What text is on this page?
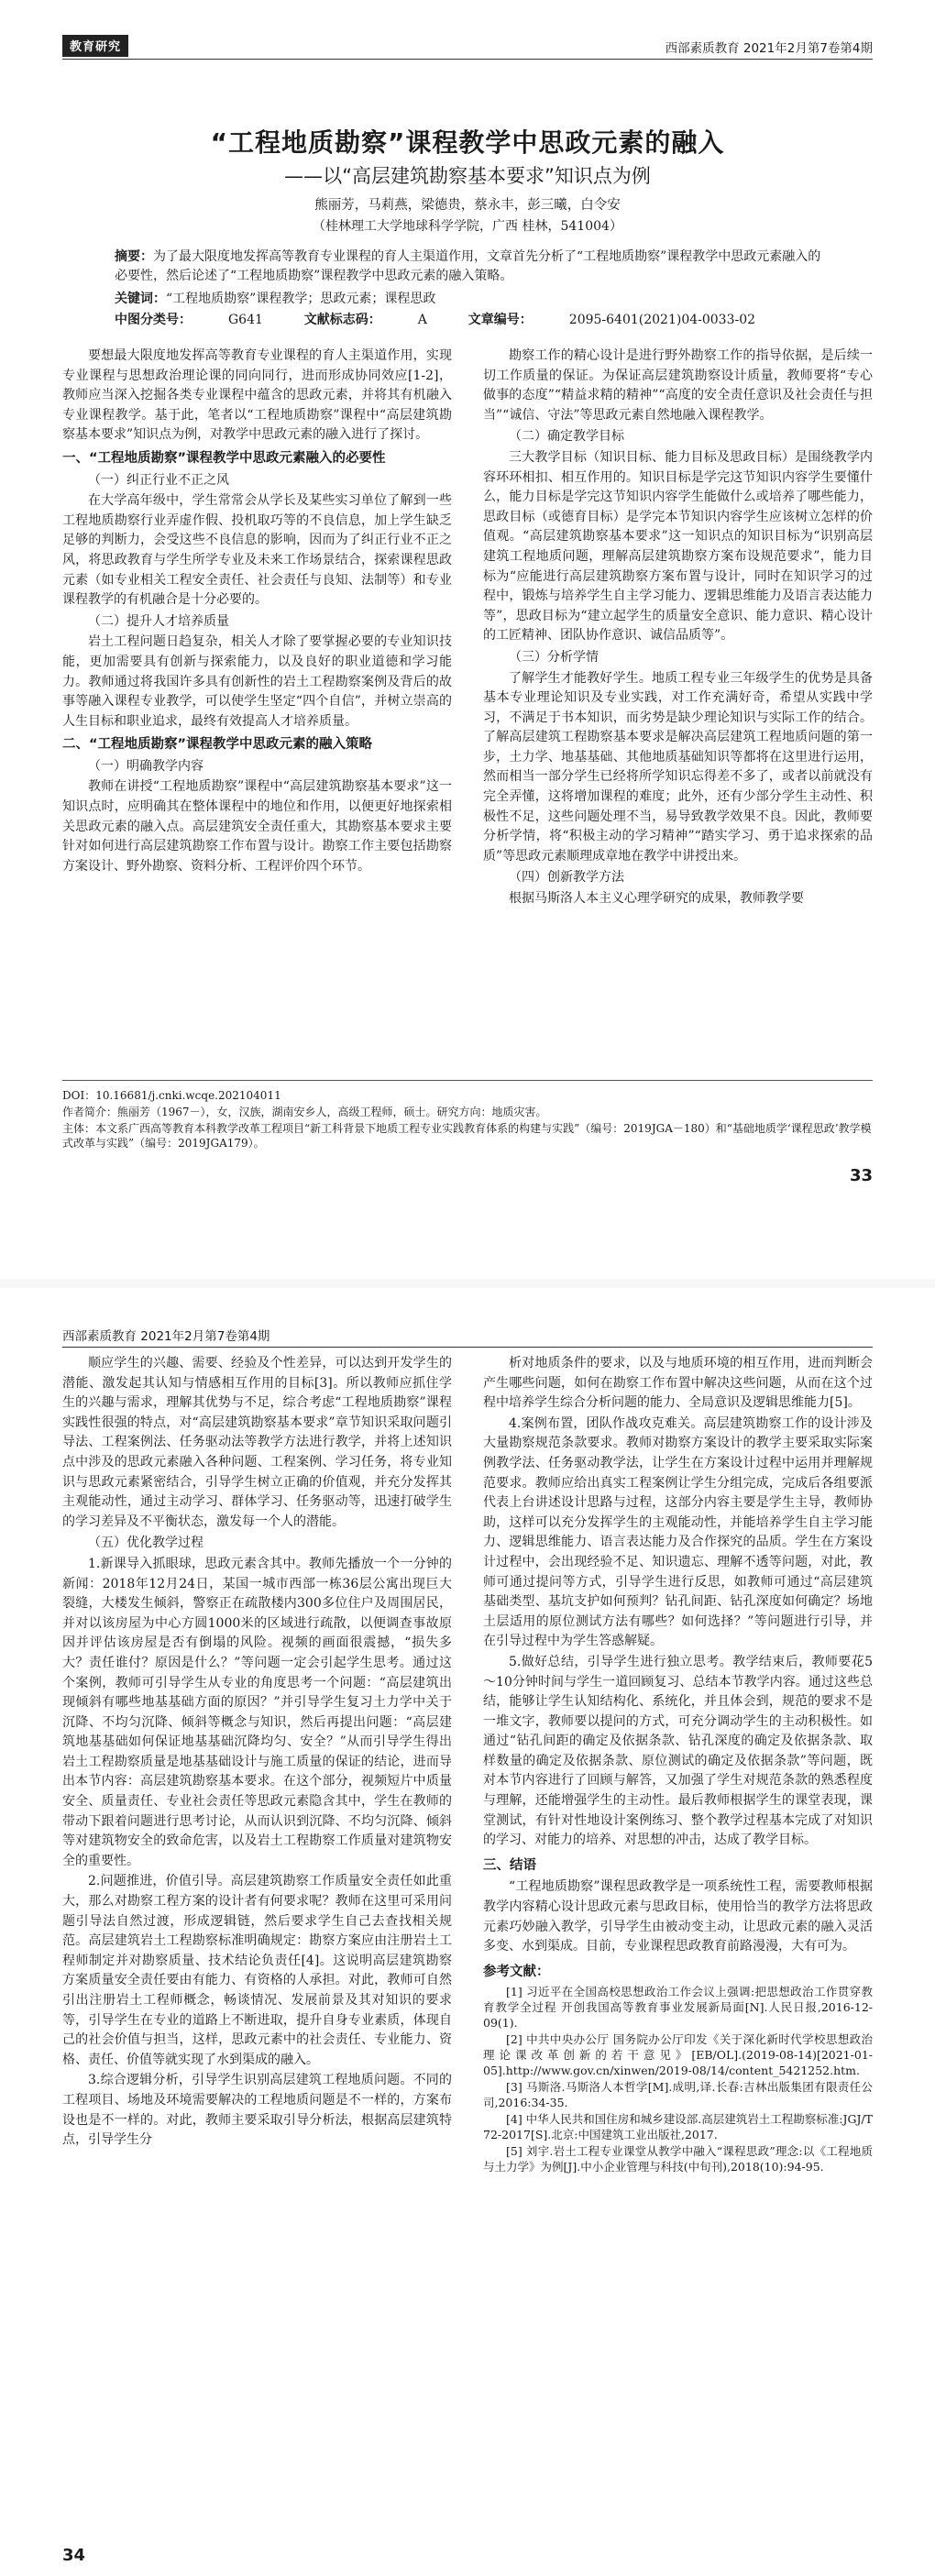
教育研究	西部素质教育 2021年2月第7卷第4期
“工程地质勘察”课程教学中思政元素的融入
——以“高层建筑勘察基本要求”知识点为例
熊丽芳，马莉燕，梁德贵，蔡永丰，彭三曦，白令安
（桂林理工大学地球科学学院，广西 桂林，541004）
摘要：为了最大限度地发挥高等教育专业课程的育人主渠道作用，文章首先分析了“工程地质勘察”课程教学中思政元素融入的必要性，然后论述了“工程地质勘察”课程教学中思政元素的融入策略。
关键词：“工程地质勘察”课程教学；思政元素；课程思政
中图分类号：	G641	文献标志码：	A	文章编号：	2095-6401(2021)04-0033-02

要想最大限度地发挥高等教育专业课程的育人主渠道作用，实现专业课程与思想政治理论课的同向同行，进而形成协同效应[1-2]，教师应当深入挖掘各类专业课程中蕴含的思政元素，并将其有机融入专业课程教学。基于此，笔者以“工程地质勘察”课程中“高层建筑勘察基本要求”知识点为例，对教学中思政元素的融入进行了探讨。

一、“工程地质勘察”课程教学中思政元素融入的必要性
（一）纠正行业不正之风

在大学高年级中，学生常常会从学长及某些实习单位了解到一些工程地质勘察行业弄虚作假、投机取巧等的不良信息，加上学生缺乏足够的判断力，会受这些不良信息的影响，因而为了纠正行业不正之风，将思政教育与学生所学专业及未来工作场景结合，探索课程思政元素（如专业相关工程安全责任、社会责任与良知、法制等）和专业课程教学的有机融合是十分必要的。

（二）提升人才培养质量

岩土工程问题日趋复杂，相关人才除了要掌握必要的专业知识技能，更加需要具有创新与探索能力，以及良好的职业道德和学习能力。教师通过将我国许多具有创新性的岩土工程勘察案例及背后的故事等融入课程专业教学，可以使学生坚定“四个自信”，并树立崇高的人生目标和职业追求，最终有效提高人才培养质量。

二、“工程地质勘察”课程教学中思政元素的融入策略
（一）明确教学内容

教师在讲授“工程地质勘察”课程中“高层建筑勘察基本要求”这一知识点时，应明确其在整体课程中的地位和作用，以便更好地探索相关思政元素的融入点。高层建筑安全责任重大，其勘察基本要求主要针对如何进行高层建筑勘察工作布置与设计。勘察工作主要包括勘察方案设计、野外勘察、资料分析、工程评价四个环节。

勘察工作的精心设计是进行野外勘察工作的指导依据，是后续一切工作质量的保证。为保证高层建筑勘察设计质量，教师要将“专心做事的态度”“精益求精的精神”“高度的安全责任意识及社会责任与担当”“诚信、守法”等思政元素自然地融入课程教学。

（二）确定教学目标

三大教学目标（知识目标、能力目标及思政目标）是围绕教学内容环环相扣、相互作用的。知识目标是学完这节知识内容学生要懂什么，能力目标是学完这节知识内容学生能做什么或培养了哪些能力，思政目标（或德育目标）是学完本节知识内容学生应该树立怎样的价值观。“高层建筑勘察基本要求”这一知识点的知识目标为“识别高层建筑工程地质问题，理解高层建筑勘察方案布设规范要求”，能力目标为“应能进行高层建筑勘察方案布置与设计，同时在知识学习的过程中，锻炼与培养学生自主学习能力、逻辑思维能力及语言表达能力等”，思政目标为“建立起学生的质量安全意识、能力意识、精心设计的工匠精神、团队协作意识、诚信品质等”。

（三）分析学情

了解学生才能教好学生。地质工程专业三年级学生的优势是具备基本专业理论知识及专业实践，对工作充满好奇，希望从实践中学习，不满足于书本知识，而劣势是缺少理论知识与实际工作的结合。了解高层建筑工程勘察基本要求是解决高层建筑工程地质问题的第一步，土力学、地基基础、其他地质基础知识等都将在这里进行运用，然而相当一部分学生已经将所学知识忘得差不多了，或者以前就没有完全弄懂，这将增加课程的难度；此外，还有少部分学生主动性、积极性不足，这些问题处理不当，易导致教学效果不良。因此，教师要分析学情，将“积极主动的学习精神”“踏实学习、勇于追求探索的品质”等思政元素顺理成章地在教学中讲授出来。

（四）创新教学方法

根据马斯洛人本主义心理学研究的成果，教师教学要

DOI：10.16681/j.cnki.wcqe.202104011
作者简介：熊丽芳（1967－），女，汉族，湖南安乡人，高级工程师，硕士。研究方向：地质灾害。
主体：本文系广西高等教育本科教学改革工程项目“新工科背景下地质工程专业实践教育体系的构建与实践”（编号：2019JGA－180）和“基础地质学‘课程思政’教学模式改革与实践”（编号：2019JGA179）。
33
西部素质教育 2021年2月第7卷第4期

顺应学生的兴趣、需要、经验及个性差异，可以达到开发学生的潜能、激发起其认知与情感相互作用的目标[3]。所以教师应抓住学生的兴趣与需求，理解其优势与不足，综合考虑“工程地质勘察”课程实践性很强的特点，对“高层建筑勘察基本要求”章节知识采取问题引导法、工程案例法、任务驱动法等教学方法进行教学，并将上述知识点中涉及的思政元素融入各种问题、工程案例、学习任务，将专业知识与思政元素紧密结合，引导学生树立正确的价值观，并充分发挥其主观能动性，通过主动学习、群体学习、任务驱动等，迅速打破学生的学习差异及不平衡状态，激发每一个人的潜能。

（五）优化教学过程

1.新课导入抓眼球，思政元素含其中。教师先播放一个一分钟的新闻：2018年12月24日，某国一城市西部一栋36层公寓出现巨大裂缝，大楼发生倾斜，警察正在疏散楼内300多位住户及周围居民，并对以该房屋为中心方圆1000米的区域进行疏散，以便调查事故原因并评估该房屋是否有倒塌的风险。视频的画面很震撼，“损失多大？责任谁付？原因是什么？”等问题一定会引起学生思考。通过这个案例，教师可引导学生从专业的角度思考一个问题：“高层建筑出现倾斜有哪些地基基础方面的原因？”并引导学生复习土力学中关于沉降、不均匀沉降、倾斜等概念与知识，然后再提出问题：“高层建筑地基基础如何保证地基基础沉降均匀、安全？”从而引导学生得出岩土工程勘察质量是地基基础设计与施工质量的保证的结论，进而导出本节内容：高层建筑勘察基本要求。在这个部分，视频短片中质量安全、质量责任、专业社会责任等思政元素隐含其中，学生在教师的带动下跟着问题进行思考讨论，从而认识到沉降、不均匀沉降、倾斜等对建筑物安全的致命危害，以及岩土工程勘察工作质量对建筑物安全的重要性。

2.问题推进，价值引导。高层建筑勘察工作质量安全责任如此重大，那么对勘察工程方案的设计者有何要求呢？教师在这里可采用问题引导法自然过渡，形成逻辑链，然后要求学生自己去查找相关规范。高层建筑岩土工程勘察标准明确规定：勘察方案应由注册岩土工程师制定并对勘察质量、技术结论负责任[4]。这说明高层建筑勘察方案质量安全责任要由有能力、有资格的人承担。对此，教师可自然引出注册岩土工程师概念，畅谈情况、发展前景及其对知识的要求等，引导学生在专业的道路上不断进取，提升自身专业素质，体现自己的社会价值与担当，这样，思政元素中的社会责任、专业能力、资格、责任、价值等就实现了水到渠成的融入。

3.综合逻辑分析，引导学生识别高层建筑工程地质问题。不同的工程项目、场地及环境需要解决的工程地质问题是不一样的，方案布设也是不一样的。对此，教师主要采取引导分析法，根据高层建筑特点，引导学生分

析对地质条件的要求，以及与地质环境的相互作用，进而判断会产生哪些问题，如何在勘察工作布置中解决这些问题，从而在这个过程中培养学生综合分析问题的能力、全局意识及逻辑思维能力[5]。

4.案例布置，团队作战攻克难关。高层建筑勘察工作的设计涉及大量勘察规范条款要求。教师对勘察方案设计的教学主要采取实际案例教学法、任务驱动教学法，让学生在方案设计过程中运用并理解规范要求。教师应给出真实工程案例让学生分组完成，完成后各组要派代表上台讲述设计思路与过程，这部分内容主要是学生主导，教师协助，这样可以充分发挥学生的主观能动性，并能培养学生自主学习能力、逻辑思维能力、语言表达能力及合作探究的品质。学生在方案设计过程中，会出现经验不足、知识遗忘、理解不透等问题，对此，教师可通过提问等方式，引导学生进行反思，如教师可通过“高层建筑基础类型、基坑支护如何预判？钻孔间距、钻孔深度如何确定？场地土层适用的原位测试方法有哪些？如何选择？”等问题进行引导，并在引导过程中为学生答惑解疑。

5.做好总结，引导学生进行独立思考。教学结束后，教师要花5～10分钟时间与学生一道回顾复习、总结本节教学内容。通过这些总结，能够让学生认知结构化、系统化，并且体会到，规范的要求不是一堆文字，教师要以提问的方式，可充分调动学生的主动积极性。如通过“钻孔间距的确定及依据条款、钻孔深度的确定及依据条款、取样数量的确定及依据条款、原位测试的确定及依据条款”等问题，既对本节内容进行了回顾与解答，又加强了学生对规范条款的熟悉程度与理解，还能增强学生的主动性。最后教师根据学生的课堂表现，课堂测试，有针对性地设计案例练习、整个教学过程基本完成了对知识的学习、对能力的培养、对思想的冲击，达成了教学目标。

三、结语

“工程地质勘察”课程思政教学是一项系统性工程，需要教师根据教学内容精心设计思政元素与思政目标，使用恰当的教学方法将思政元素巧妙融入教学，引导学生由被动变主动，让思政元素的融入灵活多变、水到渠成。目前，专业课程思政教育前路漫漫，大有可为。

参考文献：

[1] 习近平在全国高校思想政治工作会议上强调:把思想政治工作贯穿教育教学全过程 开创我国高等教育事业发展新局面[N].人民日报,2016-12-09(1).

[2] 中共中央办公厅 国务院办公厅印发《关于深化新时代学校思想政治理论课改革创新的若干意见》[EB/OL].(2019-08-14)[2021-01-05].http://www.gov.cn/xinwen/2019-08/14/content_5421252.htm.

[3] 马斯洛.马斯洛人本哲学[M].成明,译.长春:吉林出版集团有限责任公司,2016:34-35.

[4] 中华人民共和国住房和城乡建设部.高层建筑岩土工程勘察标准:JGJ/T 72-2017[S].北京:中国建筑工业出版社,2017.

[5] 刘宇.岩土工程专业课堂从教学中融入“课程思政”理念:以《工程地质与土力学》为例[J].中小企业管理与科技(中旬刊),2018(10):94-95.

34
